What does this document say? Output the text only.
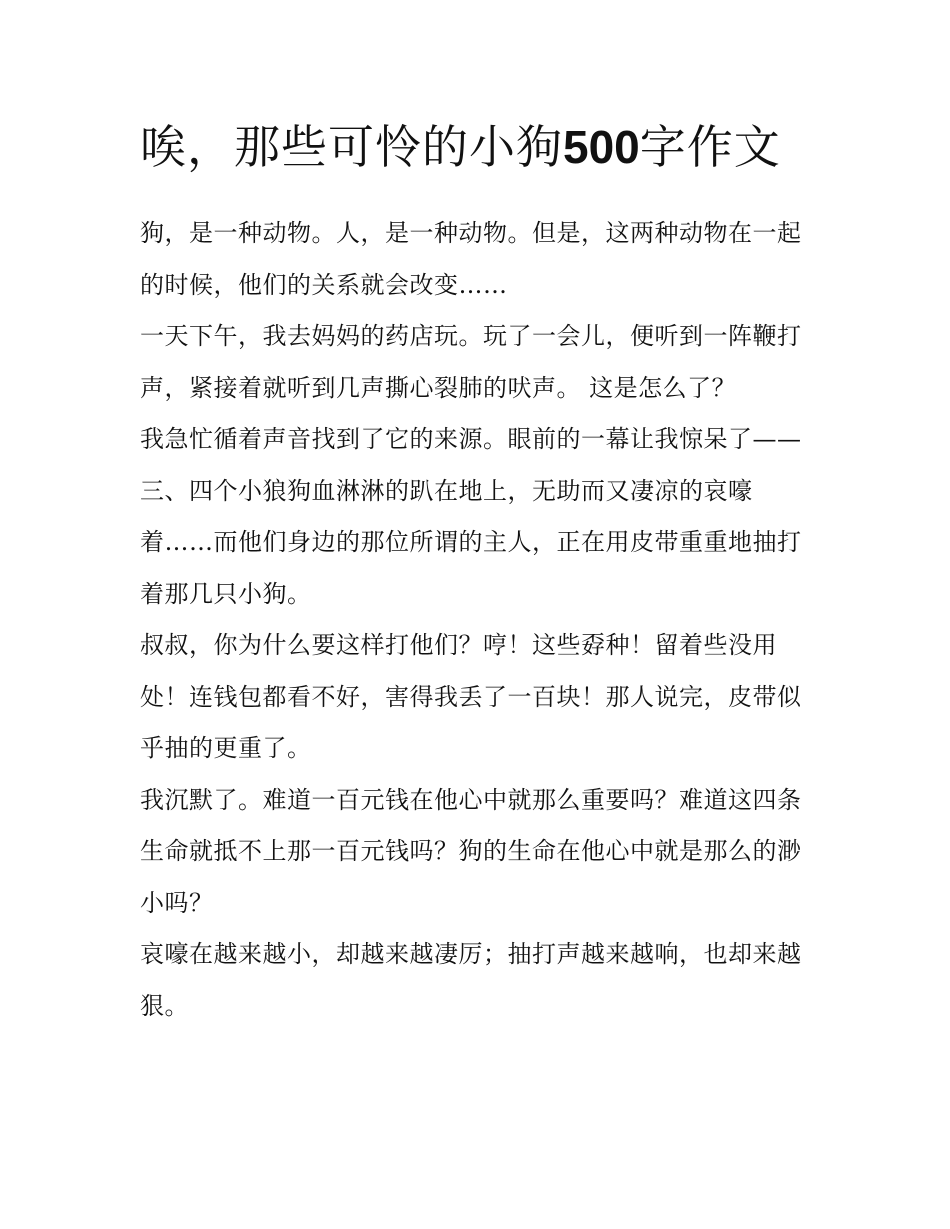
唉，那些可怜的小狗500字作文

狗，是一种动物。人，是一种动物。但是，这两种动物在一起的时候，他们的关系就会改变……

一天下午，我去妈妈的药店玩。玩了一会儿，便听到一阵鞭打声，紧接着就听到几声撕心裂肺的吠声。 这是怎么了？

我急忙循着声音找到了它的来源。眼前的一幕让我惊呆了——三、四个小狼狗血淋淋的趴在地上，无助而又凄凉的哀嚎着……而他们身边的那位所谓的主人，正在用皮带重重地抽打着那几只小狗。

叔叔，你为什么要这样打他们？哼！这些孬种！留着些没用处！连钱包都看不好，害得我丢了一百块！那人说完，皮带似乎抽的更重了。

我沉默了。难道一百元钱在他心中就那么重要吗？难道这四条生命就抵不上那一百元钱吗？狗的生命在他心中就是那么的渺小吗？

哀嚎在越来越小，却越来越凄厉；抽打声越来越响，也却来越狠。
